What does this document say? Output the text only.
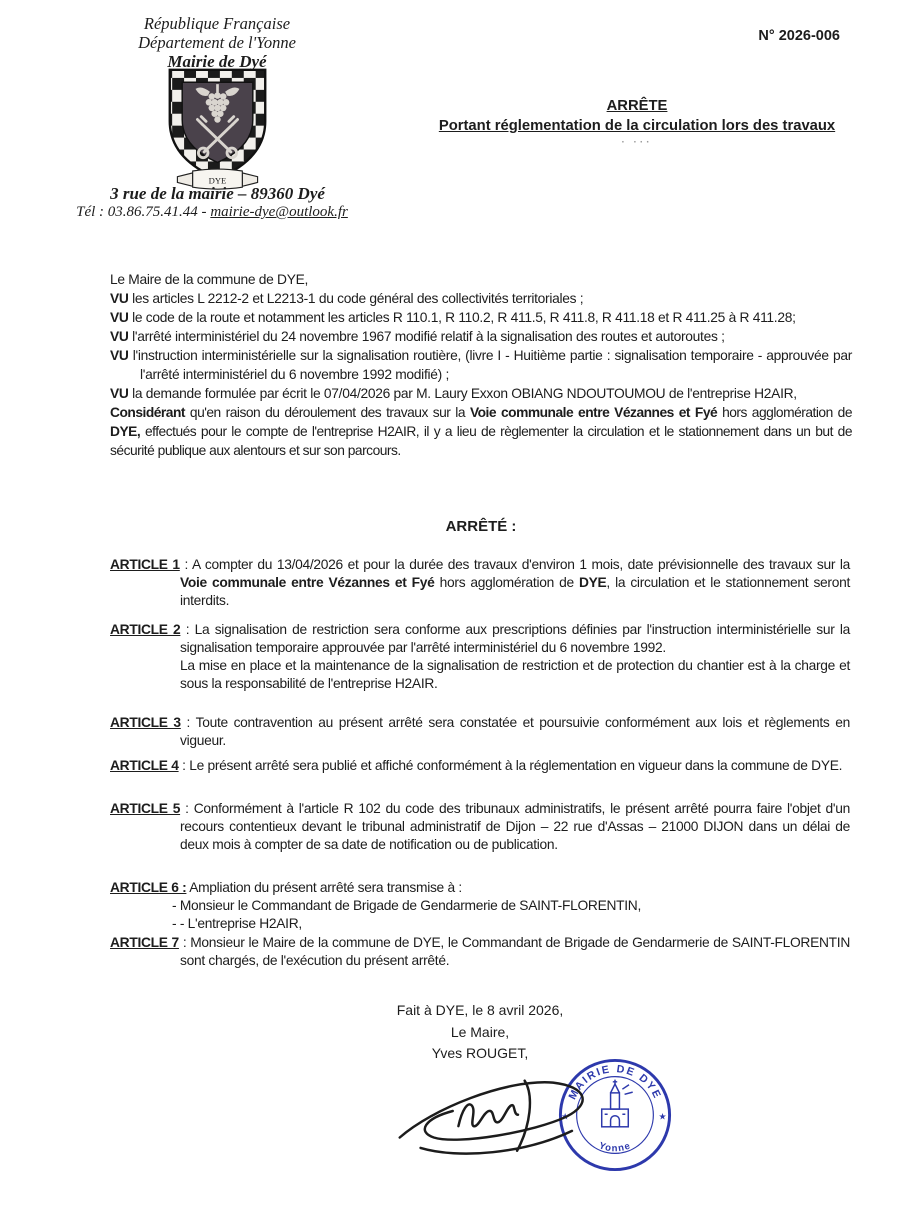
N° 2026-006
République Française
Département de l'Yonne
Mairie de Dyé
DYE
3 rue de la mairie – 89360 Dyé
Tél : 03.86.75.41.44 - mairie-dye@outlook.fr
ARRÊTE
Portant réglementation de la circulation lors des travaux
· ···

Le Maire de la commune de DYE,

VU les articles L 2212-2 et L2213-1 du code général des collectivités territoriales ;

VU le code de la route et notamment les articles R 110.1, R 110.2, R 411.5, R 411.8, R 411.18 et R 411.25 à R 411.28;

VU l'arrêté interministériel du 24 novembre 1967 modifié relatif à la signalisation des routes et autoroutes ;

VU l'instruction interministérielle sur la signalisation routière, (livre I - Huitième partie : signalisation temporaire - approuvée par l'arrêté interministériel du 6 novembre 1992 modifié) ;

VU la demande formulée par écrit le 07/04/2026 par M. Laury Exxon OBIANG NDOUTOUMOU de l'entreprise H2AIR,

Considérant qu'en raison du déroulement des travaux sur la Voie communale entre Vézannes et Fyé hors agglomération de DYE, effectués pour le compte de l'entreprise H2AIR, il y a lieu de règlementer la circulation et le stationnement dans un but de sécurité publique aux alentours et sur son parcours.

ARRÊTÉ :

ARTICLE 1 : A compter du 13/04/2026 et pour la durée des travaux d'environ 1 mois, date prévisionnelle des travaux sur la Voie communale entre Vézannes et Fyé hors agglomération de DYE, la circulation et le stationnement seront interdits.

ARTICLE 2 : La signalisation de restriction sera conforme aux prescriptions définies par l'instruction interministérielle sur la signalisation temporaire approuvée par l'arrêté interministériel du 6 novembre 1992.

La mise en place et la maintenance de la signalisation de restriction et de protection du chantier est à la charge et sous la responsabilité de l'entreprise H2AIR.

ARTICLE 3 : Toute contravention au présent arrêté sera constatée et poursuivie conformément aux lois et règlements en vigueur.

ARTICLE 4 : Le présent arrêté sera publié et affiché conformément à la réglementation en vigueur dans la commune de DYE.

ARTICLE 5 : Conformément à l'article R 102 du code des tribunaux administratifs, le présent arrêté pourra faire l'objet d'un recours contentieux devant le tribunal administratif de Dijon – 22 rue d'Assas – 21000 DIJON dans un délai de deux mois à compter de sa date de notification ou de publication.

ARTICLE 6 : Ampliation du présent arrêté sera transmise à :

- Monsieur le Commandant de Brigade de Gendarmerie de SAINT-FLORENTIN,
- - L'entreprise H2AIR,

ARTICLE 7 : Monsieur le Maire de la commune de DYE, le Commandant de Brigade de Gendarmerie de SAINT-FLORENTIN sont chargés, de l'exécution du présent arrêté.

Fait à DYE, le 8 avril 2026,
Le Maire,
Yves ROUGET,
MAIRIE DE DYE
Yonne
★	★
